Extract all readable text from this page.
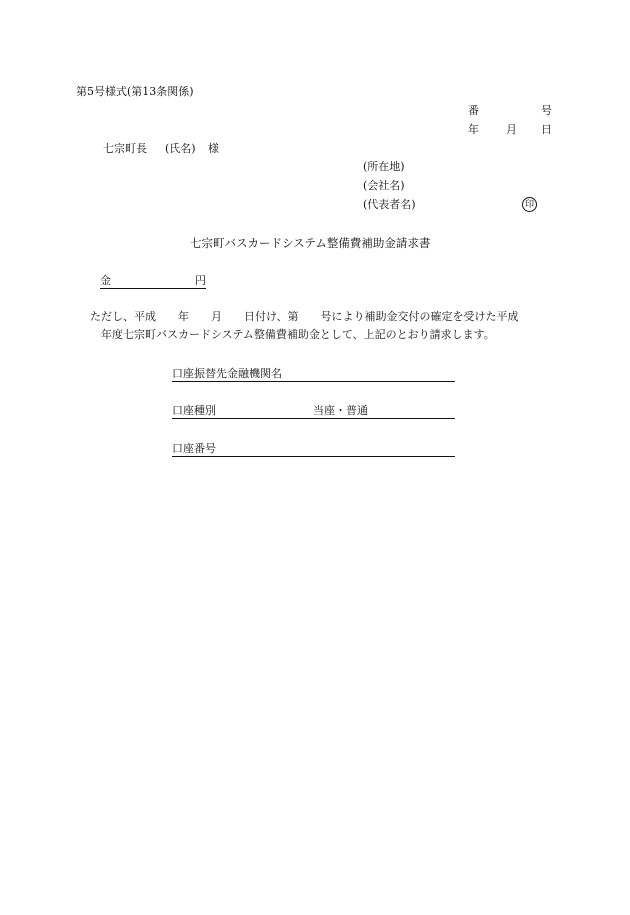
第5号様式(第13条関係)
番	号
年 月 日
七宗町長 (氏名) 様
(所在地)
(会社名)
(代表者名)	印
七宗町バスカードシステム整備費補助金請求書
金	円
ただし、平成　　年　　月　　日付け、第　　号により補助金交付の確定を受けた平成
年度七宗町バスカードシステム整備費補助金として、上記のとおり請求します。
口座振替先金融機関名
口座種別	当座・普通
口座番号
